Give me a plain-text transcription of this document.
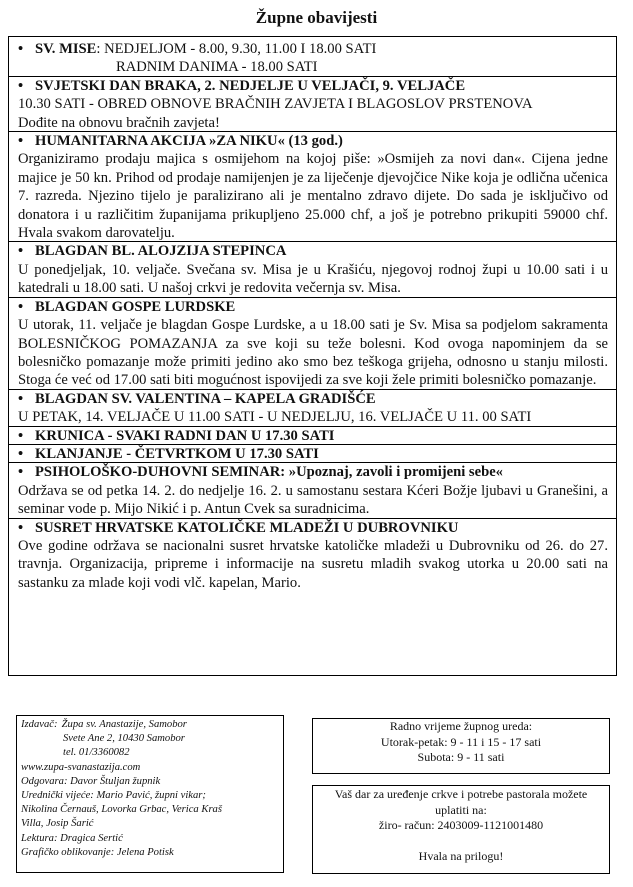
Župne obavijesti
• SV. MISE: NEDJELJOM - 8.00, 9.30, 11.00 I 18.00 SATI
RADNIM DANIMA - 18.00 SATI
• SVJETSKI DAN BRAKA, 2. NEDJELJE U VELJAČI, 9. VELJAČE
10.30 SATI - OBRED OBNOVE BRAČNIH ZAVJETA I BLAGOSLOV PRSTENOVA
Dođite na obnovu bračnih zavjeta!
• HUMANITARNA AKCIJA »ZA NIKU« (13 god.)
Organiziramo prodaju majica s osmijehom na kojoj piše: »Osmijeh za novi dan«. Cijena jedne majice je 50 kn. Prihod od prodaje namijenjen je za liječenje djevojčice Nike koja je odlična učenica 7. razreda. Njezino tijelo je paralizirano ali je mentalno zdravo dijete. Do sada je isključivo od donatora i u različitim županijama prikupljeno 25.000 chf, a još je potrebno prikupiti 59000 chf. Hvala svakom darovatelju.
• BLAGDAN BL. ALOJZIJA STEPINCA
U ponedjeljak, 10. veljače. Svečana sv. Misa je u Krašiću, njegovoj rodnoj župi u 10.00 sati i u katedrali u 18.00 sati. U našoj crkvi je redovita večernja sv. Misa.
• BLAGDAN GOSPE LURDSKE
U utorak, 11. veljače je blagdan Gospe Lurdske, a u 18.00 sati je Sv. Misa sa podjelom sakramenta BOLESNIČKOG POMAZANJA za sve koji su teže bolesni. Kod ovoga napominjem da se bolesničko pomazanje može primiti jedino ako smo bez teškoga grijeha, odnosno u stanju milosti. Stoga će već od 17.00 sati biti mogućnost ispovijedi za sve koji žele primiti bolesničko pomazanje.
• BLAGDAN SV. VALENTINA – KAPELA GRADIŠĆE
U PETAK, 14. VELJAČE U 11.00 SATI - U NEDJELJU, 16. VELJAČE U 11. 00 SATI
• KRUNICA - SVAKI RADNI DAN U 17.30 SATI
• KLANJANJE - ČETVRTKOM U 17.30 SATI
• PSIHOLOŠKO-DUHOVNI SEMINAR: »Upoznaj, zavoli i promijeni sebe«
Održava se od petka 14. 2. do nedjelje 16. 2. u samostanu sestara Kćeri Božje ljubavi u Granešini, a seminar vode p. Mijo Nikić i p. Antun Cvek sa suradnicima.
• SUSRET HRVATSKE KATOLIČKE MLADEŽI U DUBROVNIKU
Ove godine održava se nacionalni susret hrvatske katoličke mladeži u Dubrovniku od 26. do 27. travnja. Organizacija, pripreme i informacije na susretu mladih svakog utorka u 20.00 sati na sastanku za mlade koji vodi vlč. kapelan, Mario.
Izdavač: Župa sv. Anastazije, Samobor
Svete Ane 2, 10430 Samobor
tel. 01/3360082
www.zupa-svanastazija.com
Odgovara: Davor Štuljan župnik
Urednički vijeće: Mario Pavić, župni vikar;
Nikolina Černauš, Lovorka Grbac, Verica Kraš
Villa, Josip Šarić
Lektura: Dragica Sertić
Grafičko oblikovanje: Jelena Potisk
Radno vrijeme župnog ureda:
Utorak-petak: 9 - 11 i 15 - 17 sati
Subota: 9 - 11 sati
Vaš dar za uređenje crkve i potrebe pastorala možete
uplatiti na:
žiro- račun: 2403009-1121001480

Hvala na prilogu!
